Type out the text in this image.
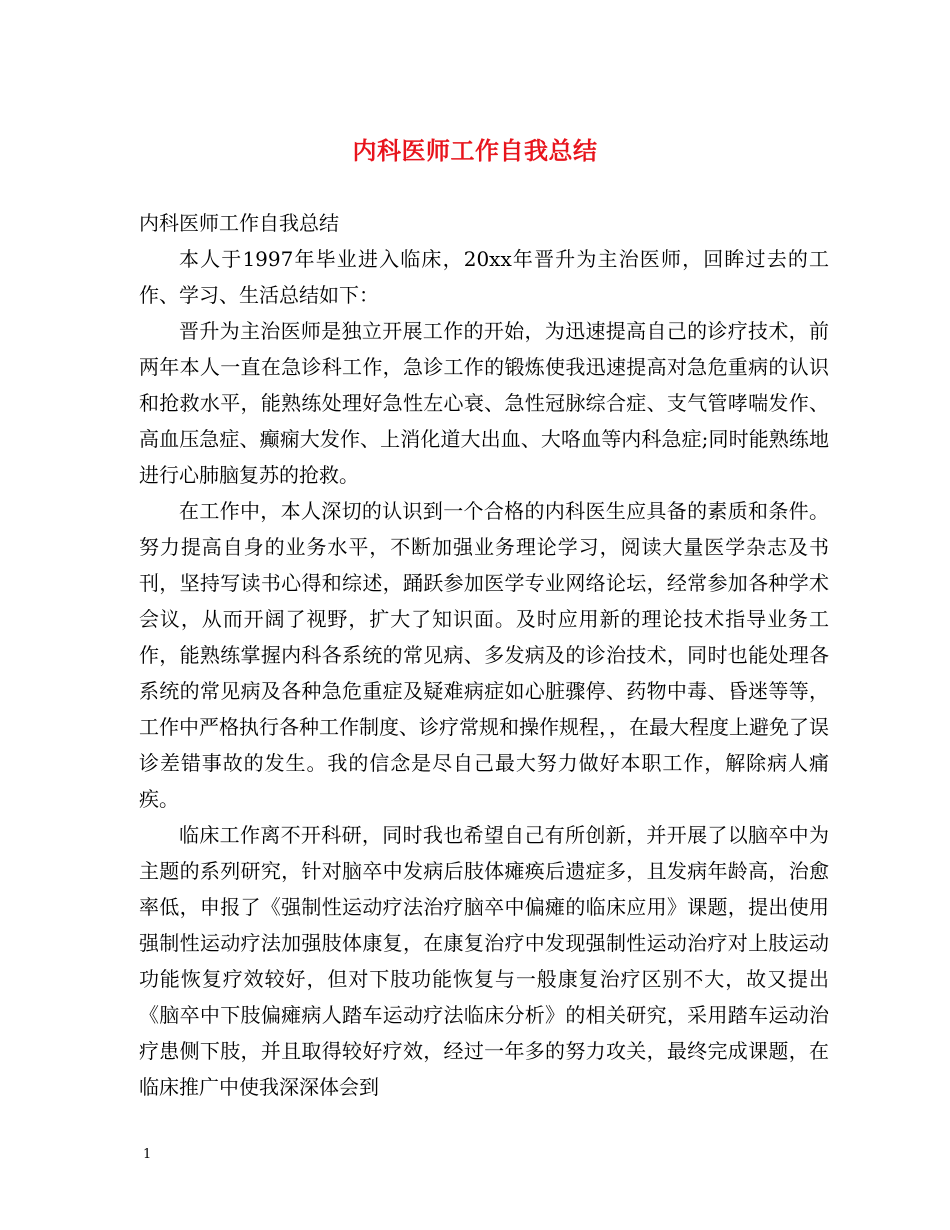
内科医师工作自我总结

内科医师工作自我总结

本人于1997年毕业进入临床，20xx年晋升为主治医师，回眸过去的工作、学习、生活总结如下：

晋升为主治医师是独立开展工作的开始，为迅速提高自己的诊疗技术，前两年本人一直在急诊科工作，急诊工作的锻炼使我迅速提高对急危重病的认识和抢救水平，能熟练处理好急性左心衰、急性冠脉综合症、支气管哮喘发作、高血压急症、癫痫大发作、上消化道大出血、大咯血等内科急症;同时能熟练地进行心肺脑复苏的抢救。

在工作中，本人深切的认识到一个合格的内科医生应具备的素质和条件。努力提高自身的业务水平，不断加强业务理论学习，阅读大量医学杂志及书刊，坚持写读书心得和综述，踊跃参加医学专业网络论坛，经常参加各种学术会议，从而开阔了视野，扩大了知识面。及时应用新的理论技术指导业务工作，能熟练掌握内科各系统的常见病、多发病及的诊治技术，同时也能处理各系统的常见病及各种急危重症及疑难病症如心脏骤停、药物中毒、昏迷等等，工作中严格执行各种工作制度、诊疗常规和操作规程，，在最大程度上避免了误诊差错事故的发生。我的信念是尽自己最大努力做好本职工作，解除病人痛疾。

临床工作离不开科研，同时我也希望自己有所创新，并开展了以脑卒中为主题的系列研究，针对脑卒中发病后肢体瘫痪后遗症多，且发病年龄高，治愈率低，申报了《强制性运动疗法治疗脑卒中偏瘫的临床应用》课题，提出使用强制性运动疗法加强肢体康复，在康复治疗中发现强制性运动治疗对上肢运动功能恢复疗效较好，但对下肢功能恢复与一般康复治疗区别不大，故又提出《脑卒中下肢偏瘫病人踏车运动疗法临床分析》的相关研究，采用踏车运动治疗患侧下肢，并且取得较好疗效，经过一年多的努力攻关，最终完成课题，在临床推广中使我深深体会到

1
